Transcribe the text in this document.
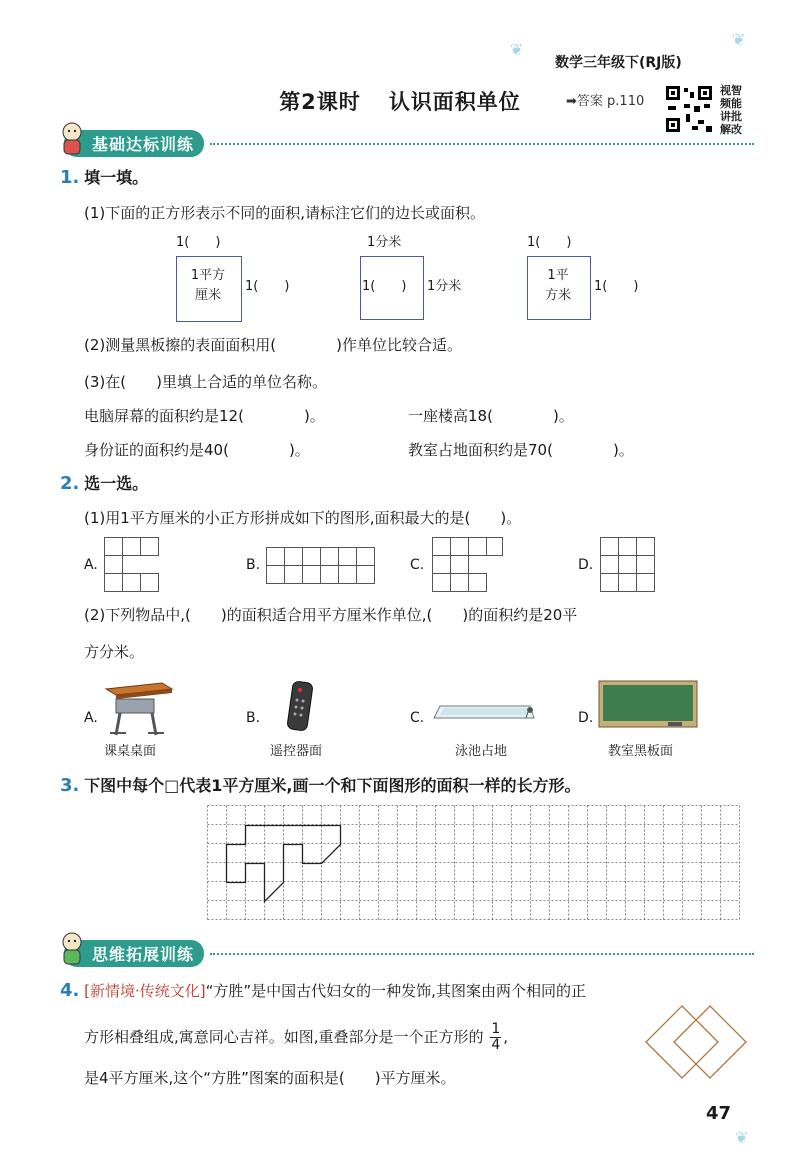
❦
❦
❦
数学三年级下(RJ版)
第2课时 认识面积单位	➡答案 p.110
视智
频能
讲批
解改
基础达标训练
1. 填一填。
(1)下面的正方形表示不同的面积,请标注它们的边长或面积。
1(　　)
1平方
厘米
1(　　)
1分米
1(　　) 1分米
1(　　)
1平
方米
1(　　)
(2)测量黑板擦的表面面积用(　　　　)作单位比较合适。
(3)在(　　)里填上合适的单位名称。
电脑屏幕的面积约是12(　　　　)。	一座楼高18(　　　　)。
身份证的面积约是40(　　　　)。	教室占地面积约是70(　　　　)。
2. 选一选。
(1)用1平方厘米的小正方形拼成如下的图形,面积最大的是(　　)。
A.	B.	C.	D.
(2)下列物品中,(　　)的面积适合用平方厘米作单位,(　　)的面积约是20平
方分米。
A.
课桌桌面
B.
遥控器面
C.
泳池占地
D.
教室黑板面
3. 下图中每个□代表1平方厘米,画一个和下面图形的面积一样的长方形。
思维拓展训练
4. [新情境·传统文化]“方胜”是中国古代妇女的一种发饰,其图案由两个相同的正
方形相叠组成,寓意同心吉祥。如图,重叠部分是一个正方形的 $\frac{1}{4}$ ,
是4平方厘米,这个“方胜”图案的面积是(　　)平方厘米。
47
